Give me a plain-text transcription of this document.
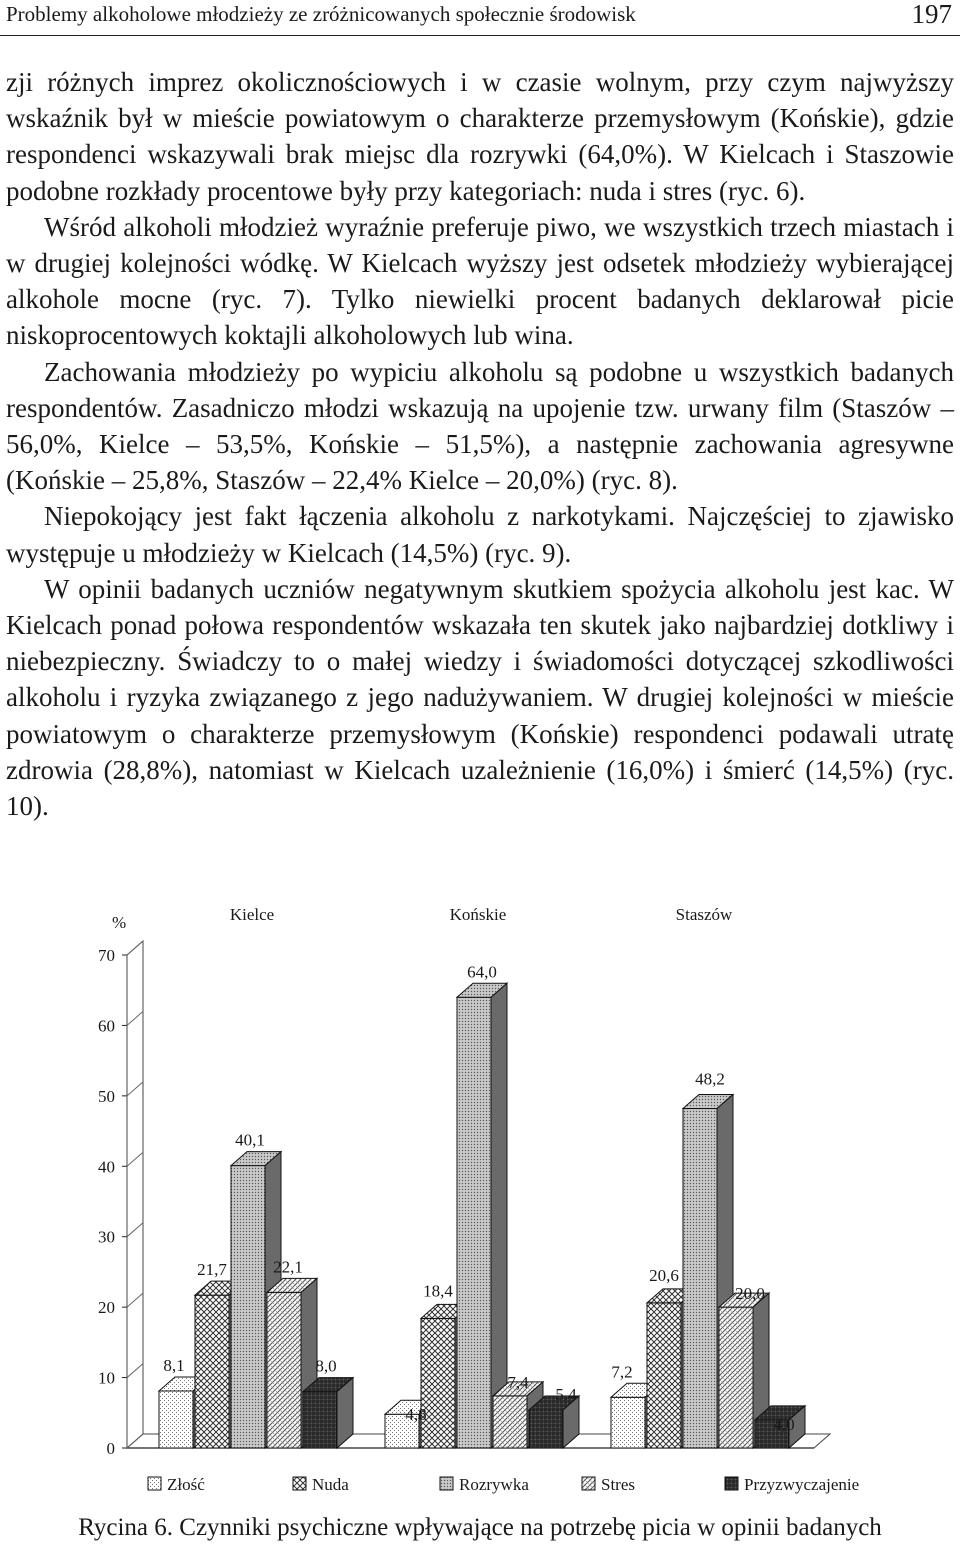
Problemy alkoholowe młodzieży ze zróżnicowanych społecznie środowisk	197

zji różnych imprez okolicznościowych i w czasie wolnym, przy czym najwyższy wskaźnik był w mieście powiatowym o charakterze przemysłowym (Końskie), gdzie respondenci wskazywali brak miejsc dla rozrywki (64,0%). W Kielcach i Staszowie podobne rozkłady procentowe były przy kategoriach: nuda i stres (ryc. 6).

Wśród alkoholi młodzież wyraźnie preferuje piwo, we wszystkich trzech miastach i w drugiej kolejności wódkę. W Kielcach wyższy jest odsetek młodzieży wybierającej alkohole mocne (ryc. 7). Tylko niewielki procent badanych deklarował picie niskoprocentowych koktajli alkoholowych lub wina.

Zachowania młodzieży po wypiciu alkoholu są podobne u wszystkich badanych respondentów. Zasadniczo młodzi wskazują na upojenie tzw. urwany film (Staszów – 56,0%, Kielce – 53,5%, Końskie – 51,5%), a następnie zachowania agresywne (Końskie – 25,8%, Staszów – 22,4% Kielce – 20,0%) (ryc. 8).

Niepokojący jest fakt łączenia alkoholu z narkotykami. Najczęściej to zjawisko występuje u młodzieży w Kielcach (14,5%) (ryc. 9).

W opinii badanych uczniów negatywnym skutkiem spożycia alkoholu jest kac. W Kielcach ponad połowa respondentów wskazała ten skutek jako najbardziej dotkliwy i niebezpieczny. Świadczy to o małej wiedzy i świadomości dotyczącej szkodliwości alkoholu i ryzyka związanego z jego nadużywaniem. W drugiej kolejności w mieście powiatowym o charakterze przemysłowym (Końskie) respondenci podawali utratę zdrowia (28,8%), natomiast w Kielcach uzależnienie (16,0%) i śmierć (14,5%) (ryc. 10).

0
10
20
30
40
50
60
70
%	Kielce	Końskie	Staszów
8,1
4,8
7,2
21,7
18,4
20,6
40,1
64,0
48,2
22,1
7,4
20,0
8,0
5,4
4,0
Złość	Nuda	Rozrywka	Stres	Przyzwyczajenie
Rycina 6. Czynniki psychiczne wpływające na potrzebę picia w opinii badanych
